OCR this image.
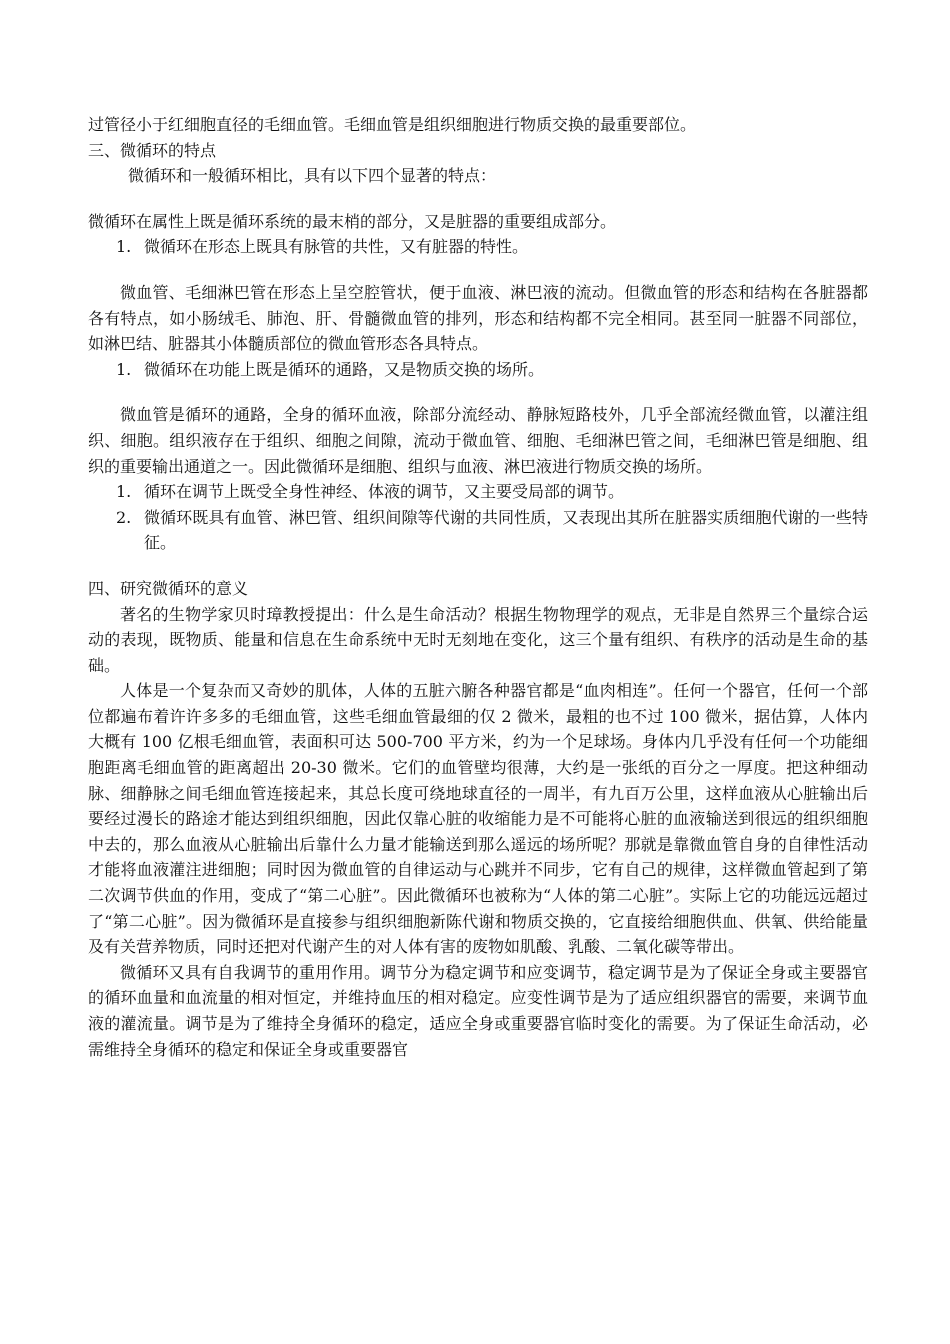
过管径小于红细胞直径的毛细血管。毛细血管是组织细胞进行物质交换的最重要部位。

三、微循环的特点

微循环和一般循环相比，具有以下四个显著的特点：

微循环在属性上既是循环系统的最末梢的部分，又是脏器的重要组成部分。

1. 微循环在形态上既具有脉管的共性，又有脏器的特性。

微血管、毛细淋巴管在形态上呈空腔管状，便于血液、淋巴液的流动。但微血管的形态和结构在各脏器都各有特点，如小肠绒毛、肺泡、肝、骨髓微血管的排列，形态和结构都不完全相同。甚至同一脏器不同部位，如淋巴结、脏器其小体髓质部位的微血管形态各具特点。

1. 微循环在功能上既是循环的通路，又是物质交换的场所。

微血管是循环的通路，全身的循环血液，除部分流经动、静脉短路枝外，几乎全部流经微血管，以灌注组织、细胞。组织液存在于组织、细胞之间隙，流动于微血管、细胞、毛细淋巴管之间，毛细淋巴管是细胞、组织的重要输出通道之一。因此微循环是细胞、组织与血液、淋巴液进行物质交换的场所。

1. 循环在调节上既受全身性神经、体液的调节，又主要受局部的调节。
2. 微循环既具有血管、淋巴管、组织间隙等代谢的共同性质，又表现出其所在脏器实质细胞代谢的一些特征。

四、研究微循环的意义

著名的生物学家贝时璋教授提出：什么是生命活动？根据生物物理学的观点，无非是自然界三个量综合运动的表现，既物质、能量和信息在生命系统中无时无刻地在变化，这三个量有组织、有秩序的活动是生命的基础。

人体是一个复杂而又奇妙的肌体，人体的五脏六腑各种器官都是“血肉相连”。任何一个器官，任何一个部位都遍布着许许多多的毛细血管，这些毛细血管最细的仅 2 微米，最粗的也不过 100 微米，据估算，人体内大概有 100 亿根毛细血管，表面积可达 500-700 平方米，约为一个足球场。身体内几乎没有任何一个功能细胞距离毛细血管的距离超出 20-30 微米。它们的血管壁均很薄，大约是一张纸的百分之一厚度。把这种细动脉、细静脉之间毛细血管连接起来，其总长度可绕地球直径的一周半，有九百万公里，这样血液从心脏输出后要经过漫长的路途才能达到组织细胞，因此仅靠心脏的收缩能力是不可能将心脏的血液输送到很远的组织细胞中去的，那么血液从心脏输出后靠什么力量才能输送到那么遥远的场所呢？那就是靠微血管自身的自律性活动才能将血液灌注进细胞；同时因为微血管的自律运动与心跳并不同步，它有自己的规律，这样微血管起到了第二次调节供血的作用，变成了“第二心脏”。因此微循环也被称为“人体的第二心脏”。实际上它的功能远远超过了“第二心脏”。因为微循环是直接参与组织细胞新陈代谢和物质交换的，它直接给细胞供血、供氧、供给能量及有关营养物质，同时还把对代谢产生的对人体有害的废物如肌酸、乳酸、二氧化碳等带出。

微循环又具有自我调节的重用作用。调节分为稳定调节和应变调节，稳定调节是为了保证全身或主要器官的循环血量和血流量的相对恒定，并维持血压的相对稳定。应变性调节是为了适应组织器官的需要，来调节血液的灌流量。调节是为了维持全身循环的稳定，适应全身或重要器官临时变化的需要。为了保证生命活动，必需维持全身循环的稳定和保证全身或重要器官
